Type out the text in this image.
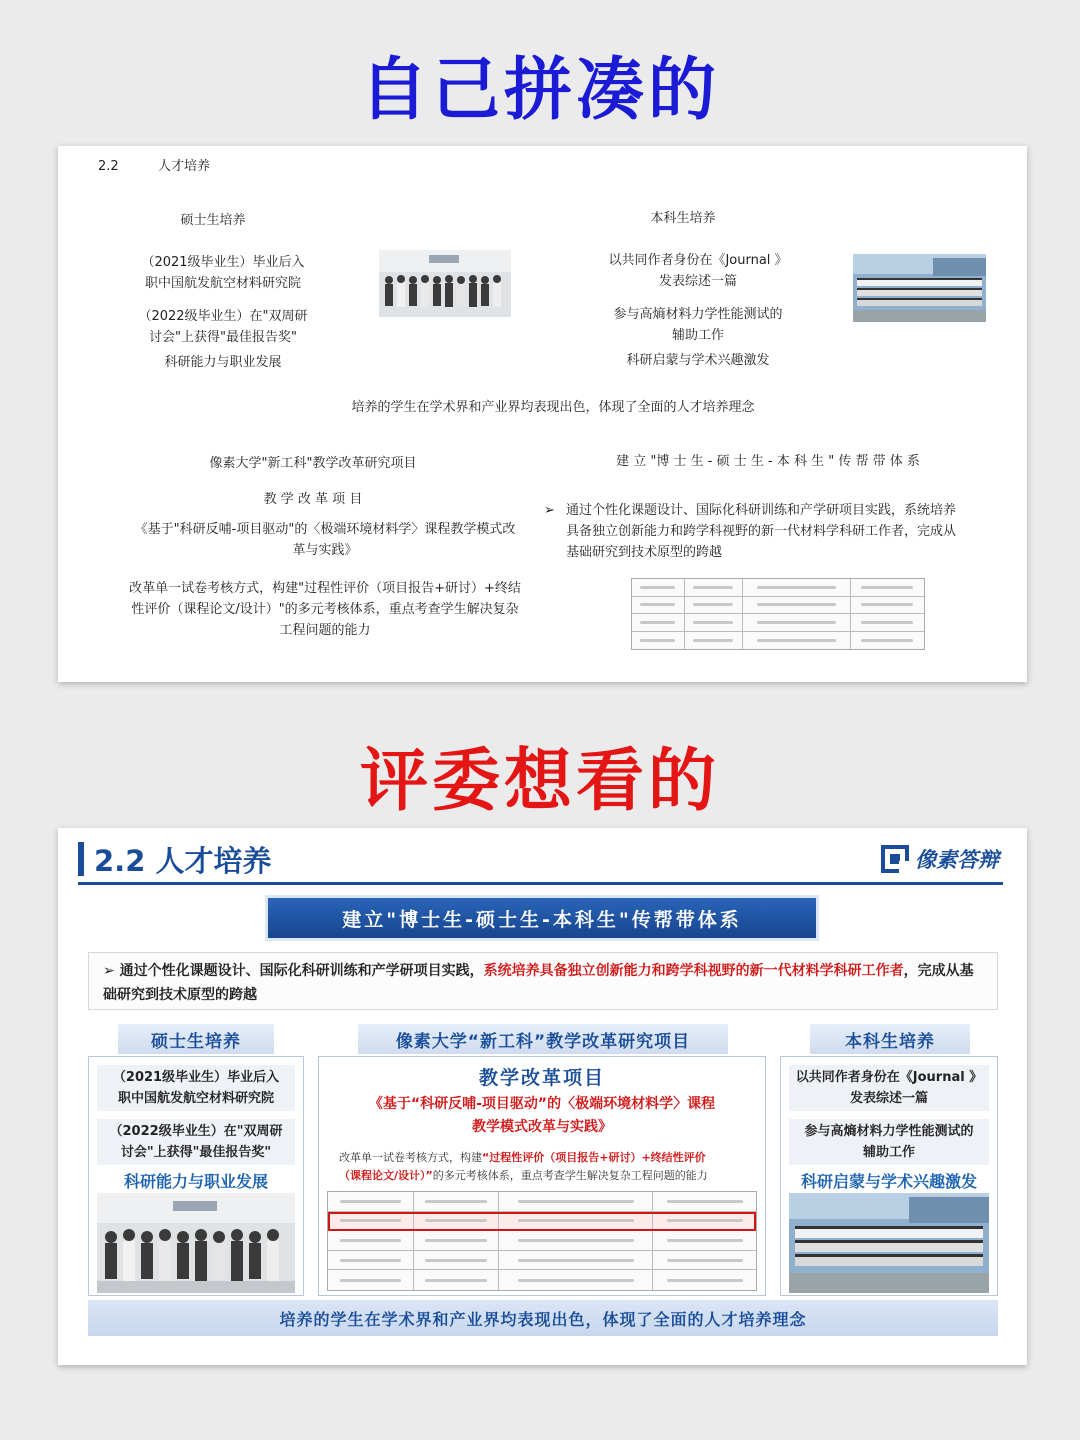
自己拼凑的
2.2	人才培养
硕士生培养
（2021级毕业生）毕业后入
职中国航发航空材料研究院
（2022级毕业生）在"双周研
讨会"上获得"最佳报告奖"
科研能力与职业发展
本科生培养
以共同作者身份在《Journal 》
发表综述一篇
参与高熵材料力学性能测试的
辅助工作
科研启蒙与学术兴趣激发
培养的学生在学术界和产业界均表现出色，体现了全面的人才培养理念
像素大学"新工科"教学改革研究项目
教 学 改 革 项 目
《基于"科研反哺-项目驱动"的〈极端环境材料学〉课程教学模式改
革与实践》
改革单一试卷考核方式，构建"过程性评价（项目报告+研讨）+终结
性评价（课程论文/设计）"的多元考核体系，重点考查学生解决复杂
工程问题的能力
建 立 "博 士 生 - 硕 士 生 - 本 科 生 " 传 帮 带 体 系
➢ 通过个性化课题设计、国际化科研训练和产学研项目实践，系统培养
具备独立创新能力和跨学科视野的新一代材料学科研工作者，完成从
基础研究到技术原型的跨越
评委想看的
2.2 人才培养	像素答辩
建立"博士生-硕士生-本科生"传帮带体系
➢ 通过个性化课题设计、国际化科研训练和产学研项目实践，系统培养具备独立创新能力和跨学科视野的新一代材料学科研工作者，完成从基础研究到技术原型的跨越
硕士生培养
（2021级毕业生）毕业后入
职中国航发航空材料研究院
（2022级毕业生）在"双周研
讨会"上获得"最佳报告奖"
科研能力与职业发展
像素大学“新工科”教学改革研究项目
教学改革项目
《基于“科研反哺-项目驱动”的〈极端环境材料学〉课程
教学模式改革与实践》
改革单一试卷考核方式，构建“过程性评价（项目报告+研讨）+终结性评价
（课程论文/设计）”的多元考核体系，重点考查学生解决复杂工程问题的能力
本科生培养
以共同作者身份在《Journal 》
发表综述一篇
参与高熵材料力学性能测试的
辅助工作
科研启蒙与学术兴趣激发
培养的学生在学术界和产业界均表现出色，体现了全面的人才培养理念
